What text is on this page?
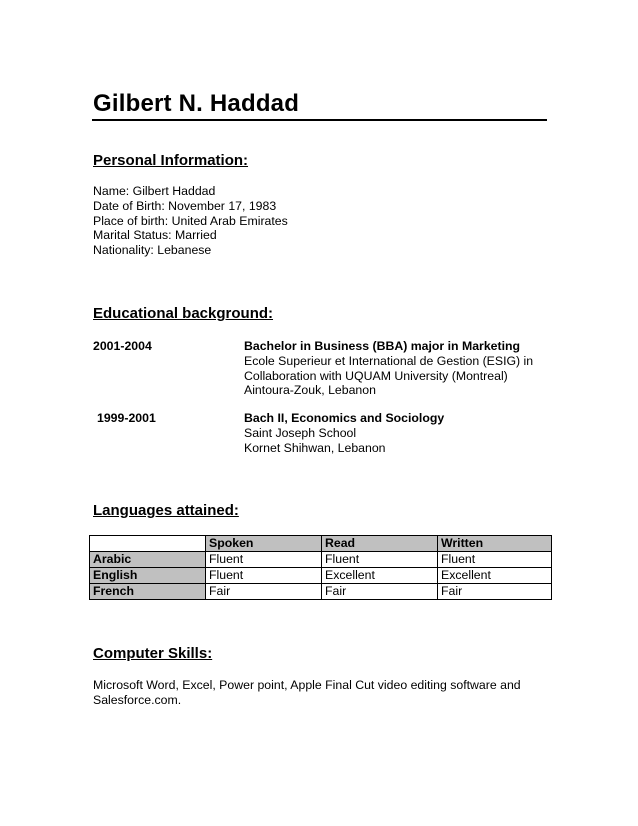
Gilbert N. Haddad
Personal Information:
Name: Gilbert Haddad
Date of Birth: November 17, 1983
Place of birth: United Arab Emirates
Marital Status: Married
Nationality: Lebanese
Educational background:
2001-2004	Bachelor in Business (BBA) major in Marketing
Ecole Superieur et International de Gestion (ESIG) in
Collaboration with UQUAM University (Montreal)
Aintoura-Zouk, Lebanon
1999-2001	Bach II, Economics and Sociology
Saint Joseph School
Kornet Shihwan, Lebanon
Languages attained:
	Spoken	Read	Written
Arabic	Fluent	Fluent	Fluent
English	Fluent	Excellent	Excellent
French	Fair	Fair	Fair
Computer Skills:
Microsoft Word, Excel, Power point, Apple Final Cut video editing software and Salesforce.com.
